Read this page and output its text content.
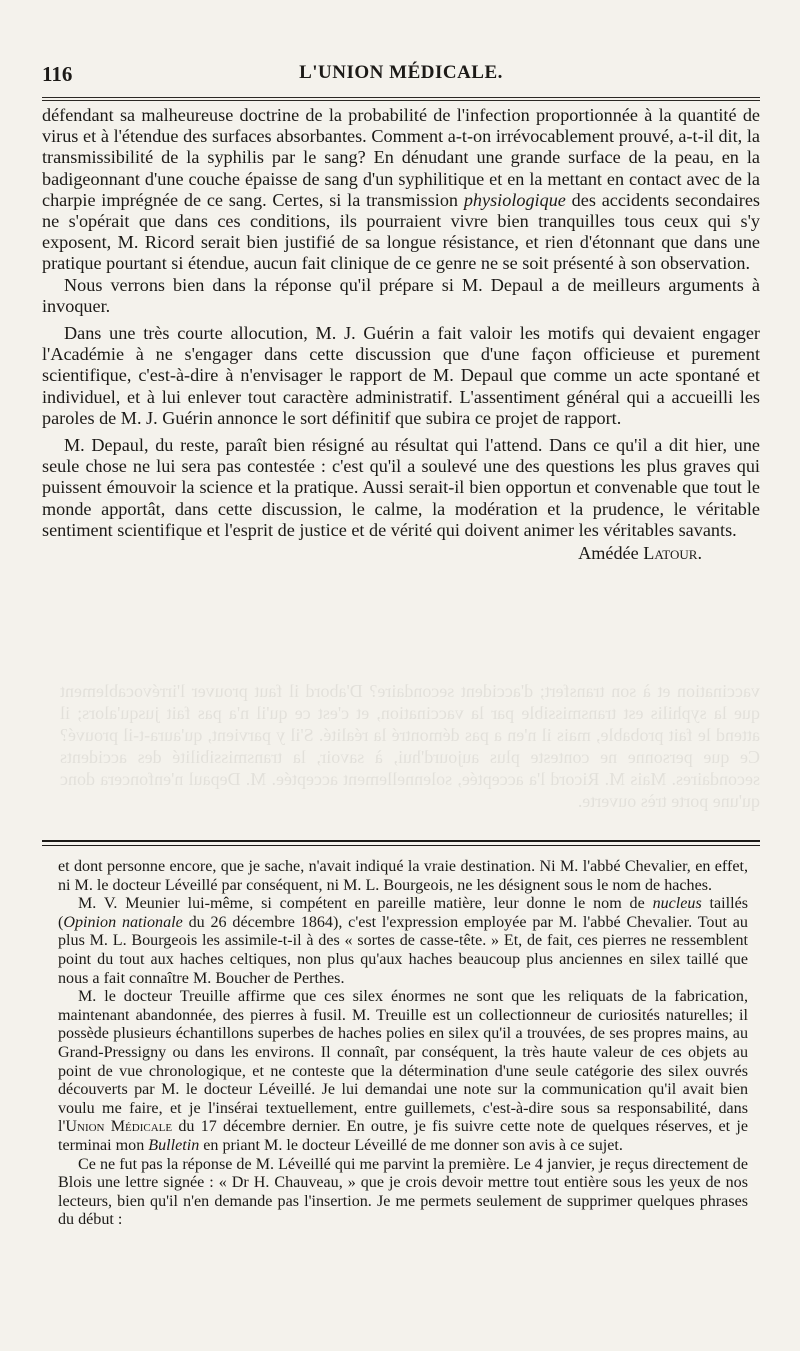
vaccination et à son transfert; d'accident secondaire? D'abord il faut prouver l'irrévocablement que la syphilis est transmissible par la vaccination, et c'est ce qu'il n'a pas fait jusqu'alors; il attend le fait probable, mais il n'en a pas démontré la réalité. S'il y parvient, qu'aura-t-il prouvé? Ce que personne ne conteste plus aujourd'hui, à savoir, la transmissibilité des accidents secondaires. Mais M. Ricord l'a acceptée, solennellement acceptée. M. Depaul n'enfoncera donc qu'une porte très ouverte.
116	L'UNION MÉDICALE.

défendant sa malheureuse doctrine de la probabilité de l'infection proportionnée à la quantité de virus et à l'étendue des surfaces absorbantes. Comment a-t-on irrévocablement prouvé, a-t-il dit, la transmissibilité de la syphilis par le sang? En dénudant une grande surface de la peau, en la badigeonnant d'une couche épaisse de sang d'un syphilitique et en la mettant en contact avec de la charpie imprégnée de ce sang. Certes, si la transmission physiologique des accidents secondaires ne s'opérait que dans ces conditions, ils pourraient vivre bien tranquilles tous ceux qui s'y exposent, M. Ricord serait bien justifié de sa longue résistance, et rien d'étonnant que dans une pratique pourtant si étendue, aucun fait clinique de ce genre ne se soit présenté à son observation.

Nous verrons bien dans la réponse qu'il prépare si M. Depaul a de meilleurs arguments à invoquer.

Dans une très courte allocution, M. J. Guérin a fait valoir les motifs qui devaient engager l'Académie à ne s'engager dans cette discussion que d'une façon officieuse et purement scientifique, c'est-à-dire à n'envisager le rapport de M. Depaul que comme un acte spontané et individuel, et à lui enlever tout caractère administratif. L'assentiment général qui a accueilli les paroles de M. J. Guérin annonce le sort définitif que subira ce projet de rapport.

M. Depaul, du reste, paraît bien résigné au résultat qui l'attend. Dans ce qu'il a dit hier, une seule chose ne lui sera pas contestée : c'est qu'il a soulevé une des questions les plus graves qui puissent émouvoir la science et la pratique. Aussi serait-il bien opportun et convenable que tout le monde apportât, dans cette discussion, le calme, la modération et la prudence, le véritable sentiment scientifique et l'esprit de justice et de vérité qui doivent animer les véritables savants.

Amédée Latour.

et dont personne encore, que je sache, n'avait indiqué la vraie destination. Ni M. l'abbé Chevalier, en effet, ni M. le docteur Léveillé par conséquent, ni M. L. Bourgeois, ne les désignent sous le nom de haches.

M. V. Meunier lui-même, si compétent en pareille matière, leur donne le nom de nucleus taillés (Opinion nationale du 26 décembre 1864), c'est l'expression employée par M. l'abbé Chevalier. Tout au plus M. L. Bourgeois les assimile-t-il à des « sortes de casse-tête. » Et, de fait, ces pierres ne ressemblent point du tout aux haches celtiques, non plus qu'aux haches beaucoup plus anciennes en silex taillé que nous a fait connaître M. Boucher de Perthes.

M. le docteur Treuille affirme que ces silex énormes ne sont que les reliquats de la fabrication, maintenant abandonnée, des pierres à fusil. M. Treuille est un collectionneur de curiosités naturelles; il possède plusieurs échantillons superbes de haches polies en silex qu'il a trouvées, de ses propres mains, au Grand-Pressigny ou dans les environs. Il connaît, par conséquent, la très haute valeur de ces objets au point de vue chronologique, et ne conteste que la détermination d'une seule catégorie des silex ouvrés découverts par M. le docteur Léveillé. Je lui demandai une note sur la communication qu'il avait bien voulu me faire, et je l'insérai textuellement, entre guillemets, c'est-à-dire sous sa responsabilité, dans l'Union Médicale du 17 décembre dernier. En outre, je fis suivre cette note de quelques réserves, et je terminai mon Bulletin en priant M. le docteur Léveillé de me donner son avis à ce sujet.

Ce ne fut pas la réponse de M. Léveillé qui me parvint la première. Le 4 janvier, je reçus directement de Blois une lettre signée : « Dr H. Chauveau, » que je crois devoir mettre tout entière sous les yeux de nos lecteurs, bien qu'il n'en demande pas l'insertion. Je me permets seulement de supprimer quelques phrases du début :
